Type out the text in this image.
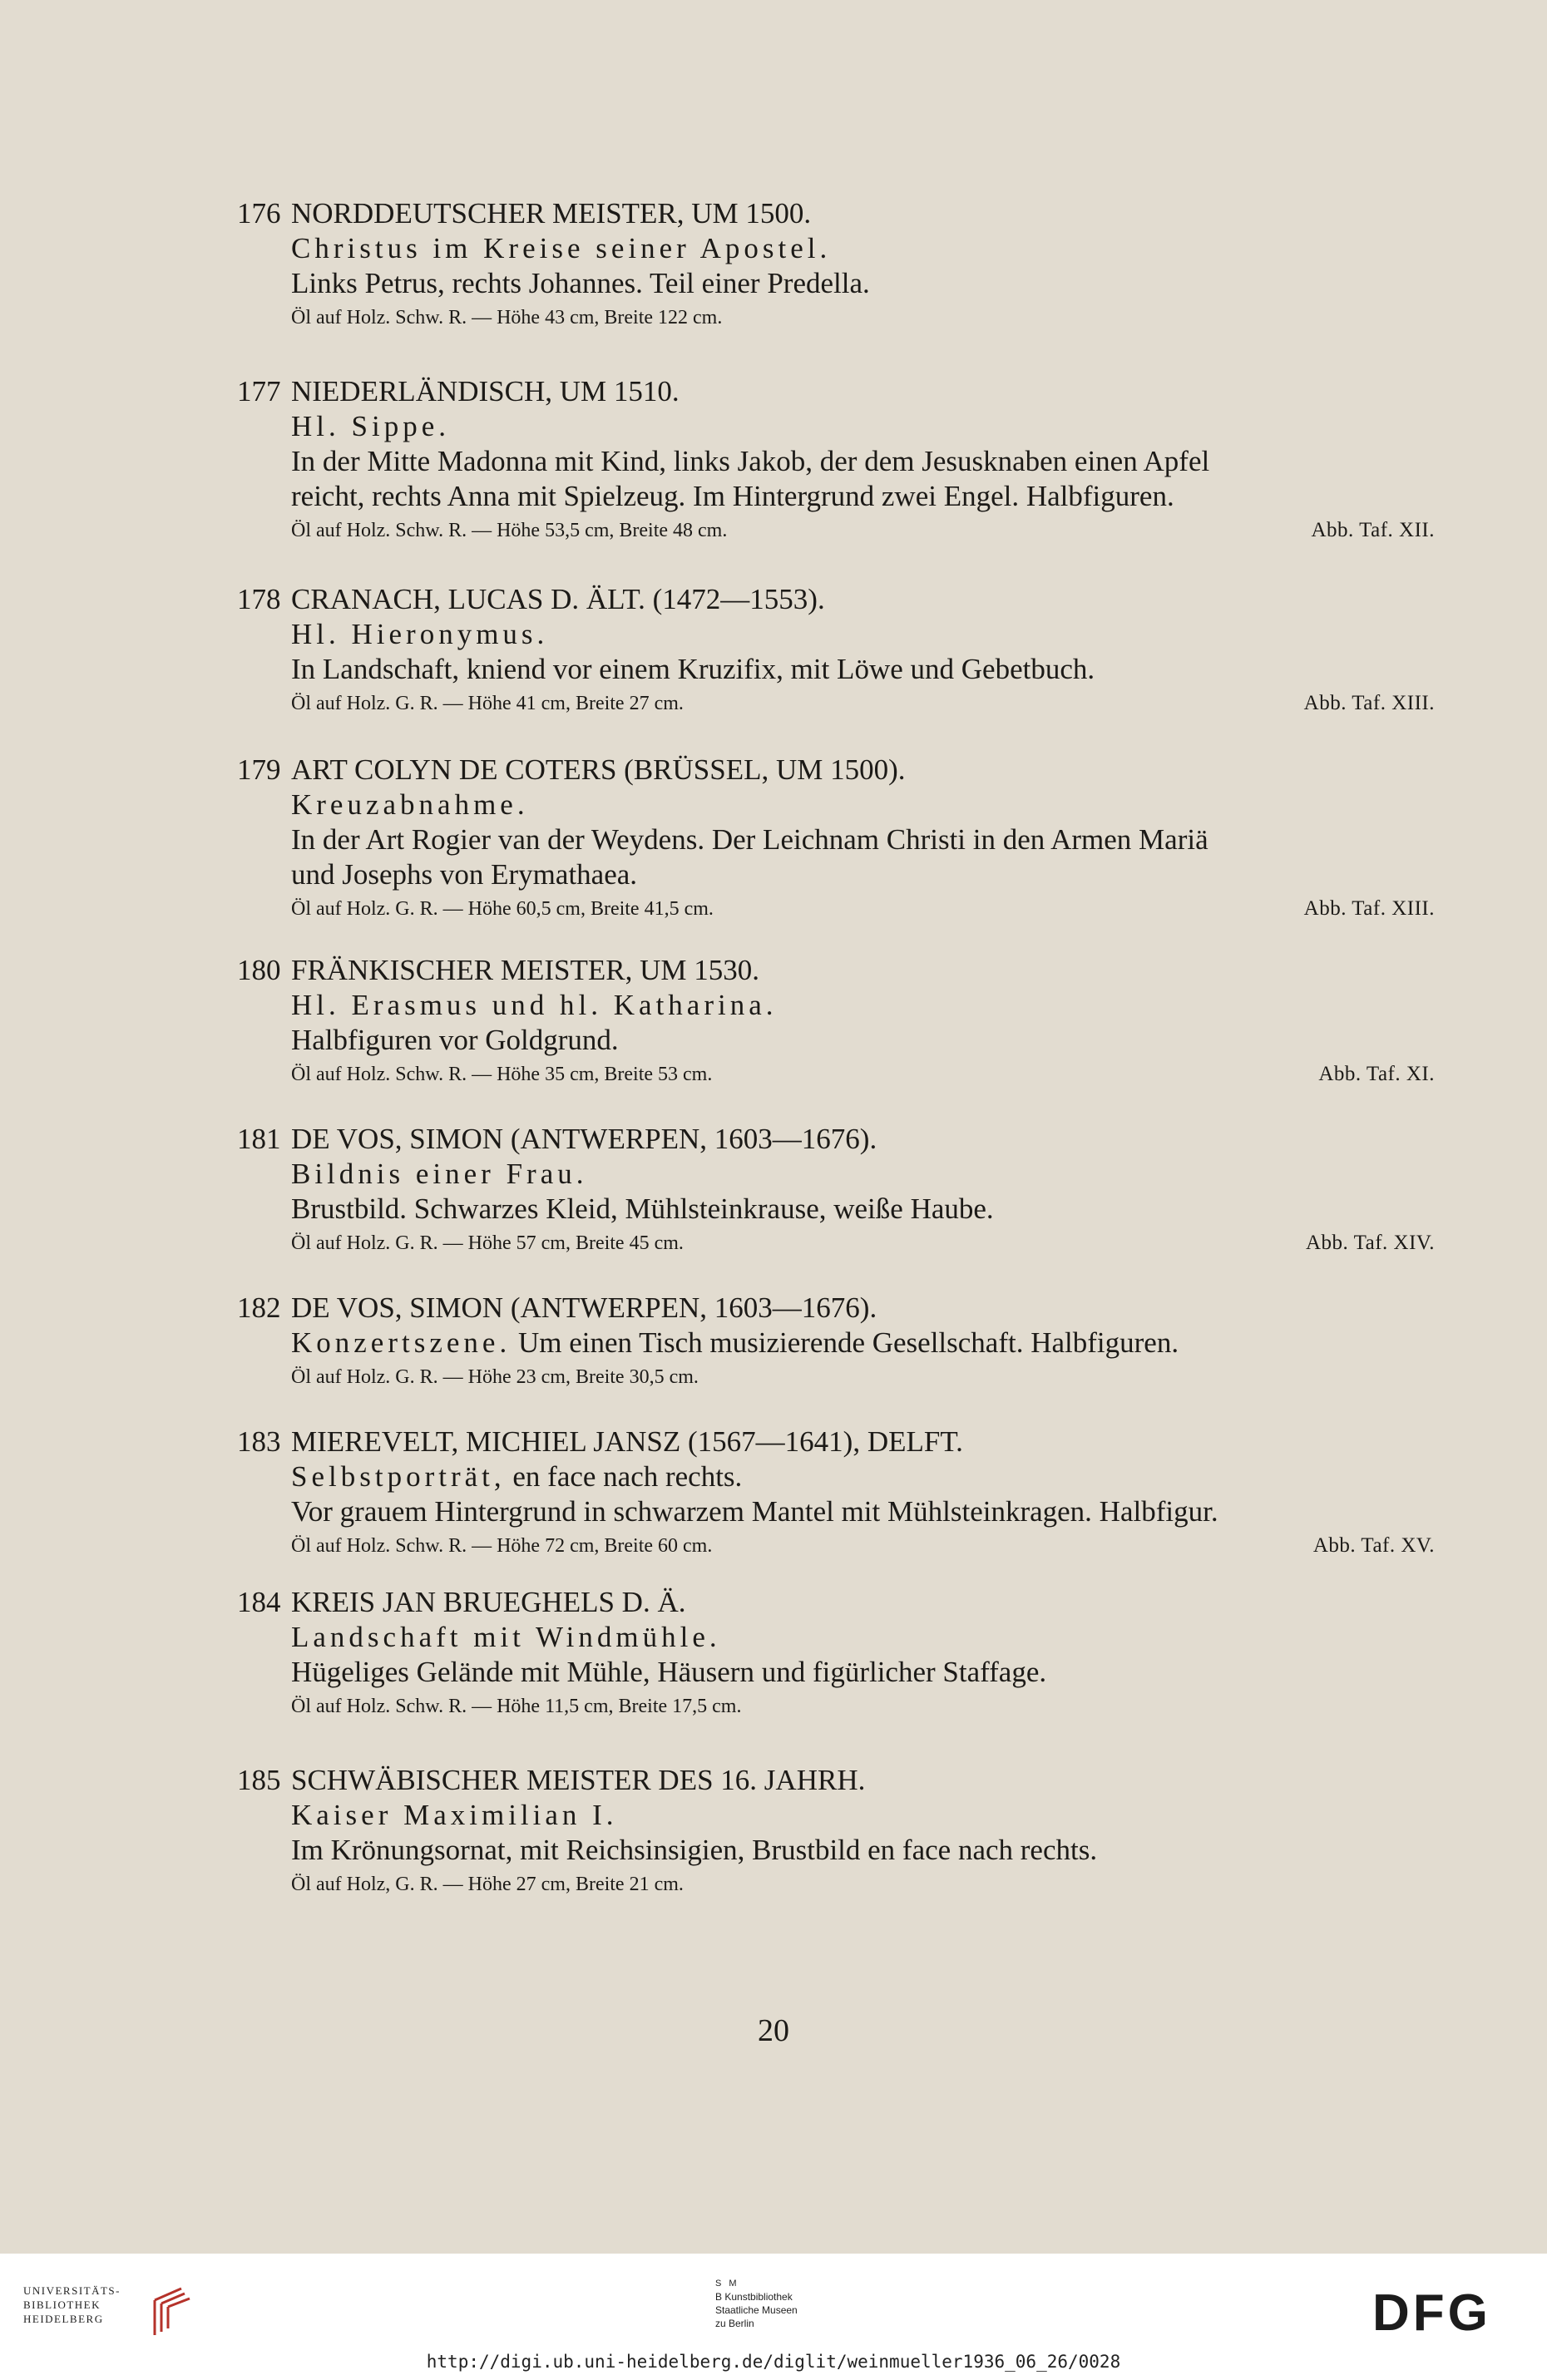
176 NORDDEUTSCHER MEISTER, UM 1500.
Christus im Kreise seiner Apostel.
Links Petrus, rechts Johannes. Teil einer Predella.
Öl auf Holz. Schw. R. — Höhe 43 cm, Breite 122 cm.
177 NIEDERLÄNDISCH, UM 1510.
Hl. Sippe.
In der Mitte Madonna mit Kind, links Jakob, der dem Jesusknaben einen Apfel
reicht, rechts Anna mit Spielzeug. Im Hintergrund zwei Engel. Halbfiguren.
Öl auf Holz. Schw. R. — Höhe 53,5 cm, Breite 48 cm.	Abb. Taf. XII.
178 CRANACH, LUCAS D. ÄLT. (1472—1553).
Hl. Hieronymus.
In Landschaft, kniend vor einem Kruzifix, mit Löwe und Gebetbuch.
Öl auf Holz. G. R. — Höhe 41 cm, Breite 27 cm.	Abb. Taf. XIII.
179 ART COLYN DE COTERS (BRÜSSEL, UM 1500).
Kreuzabnahme.
In der Art Rogier van der Weydens. Der Leichnam Christi in den Armen Mariä
und Josephs von Erymathaea.
Öl auf Holz. G. R. — Höhe 60,5 cm, Breite 41,5 cm.	Abb. Taf. XIII.
180 FRÄNKISCHER MEISTER, UM 1530.
Hl. Erasmus und hl. Katharina.
Halbfiguren vor Goldgrund.
Öl auf Holz. Schw. R. — Höhe 35 cm, Breite 53 cm.	Abb. Taf. XI.
181 DE VOS, SIMON (ANTWERPEN, 1603—1676).
Bildnis einer Frau.
Brustbild. Schwarzes Kleid, Mühlsteinkrause, weiße Haube.
Öl auf Holz. G. R. — Höhe 57 cm, Breite 45 cm.	Abb. Taf. XIV.
182 DE VOS, SIMON (ANTWERPEN, 1603—1676).
Konzertszene. Um einen Tisch musizierende Gesellschaft. Halbfiguren.
Öl auf Holz. G. R. — Höhe 23 cm, Breite 30,5 cm.
183 MIEREVELT, MICHIEL JANSZ (1567—1641), DELFT.
Selbstporträt, en face nach rechts.
Vor grauem Hintergrund in schwarzem Mantel mit Mühlsteinkragen. Halbfigur.
Öl auf Holz. Schw. R. — Höhe 72 cm, Breite 60 cm.	Abb. Taf. XV.
184 KREIS JAN BRUEGHELS D. Ä.
Landschaft mit Windmühle.
Hügeliges Gelände mit Mühle, Häusern und figürlicher Staffage.
Öl auf Holz. Schw. R. — Höhe 11,5 cm, Breite 17,5 cm.
185 SCHWÄBISCHER MEISTER DES 16. JAHRH.
Kaiser Maximilian I.
Im Krönungsornat, mit Reichsinsigien, Brustbild en face nach rechts.
Öl auf Holz, G. R. — Höhe 27 cm, Breite 21 cm.
20
UNIVERSITÄTS-
BIBLIOTHEK
HEIDELBERG
S M
B Kunstbibliothek
Staatliche Museen
zu Berlin	DFG
http://digi.ub.uni-heidelberg.de/diglit/weinmueller1936_06_26/0028
